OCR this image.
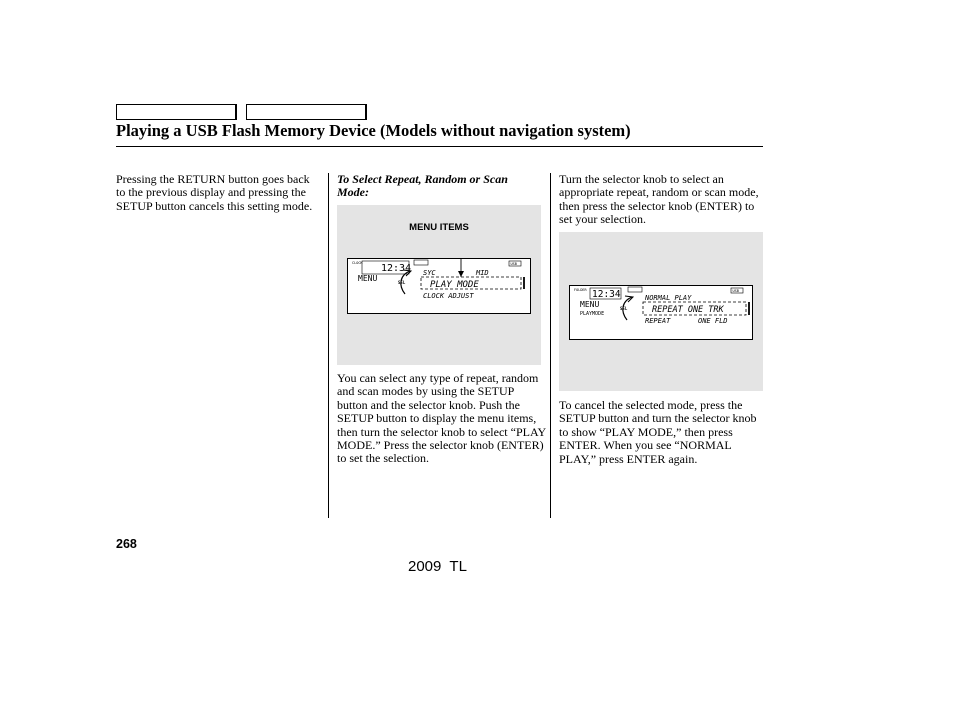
Playing a USB Flash Memory Device (Models without navigation system)
Pressing the RETURN button goes back to the previous display and pressing the SETUP button cancels this setting mode.
To Select Repeat, Random or Scan Mode:
MENU ITEMS
CLOCK 12:34
MENU
USB
SEL
SYC	MID
PLAY MODE
CLOCK ADJUST
You can select any type of repeat, random and scan modes by using the SETUP button and the selector knob. Push the SETUP button to display the menu items, then turn the selector knob to select “PLAY MODE.” Press the selector knob (ENTER) to set the selection.
Turn the selector knob to select an appropriate repeat, random or scan mode, then press the selector knob (ENTER) to set your selection.
FOLDER 12:34
MENU
PLAYMODE
USB
SEL
NORMAL PLAY
REPEAT ONE TRK
REPEAT	ONE FLD
To cancel the selected mode, press the SETUP button and turn the selector knob to show “PLAY MODE,” then press ENTER. When you see “NORMAL PLAY,” press ENTER again.
268
2009  TL
